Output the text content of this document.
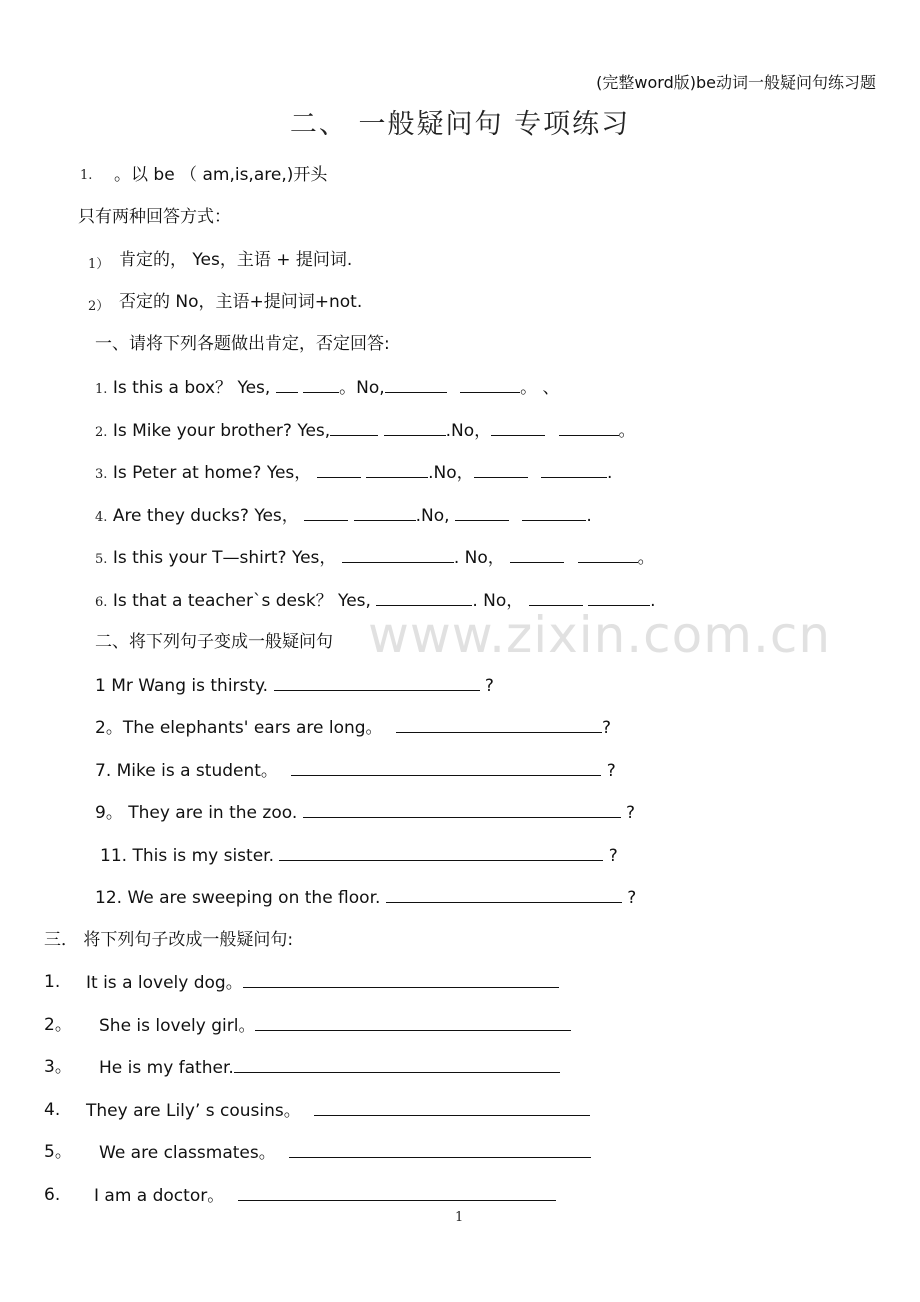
(完整word版)be动词一般疑问句练习题
二、 一般疑问句 专项练习
1. 。以 be （ am,is,are,)开头
只有两种回答方式：
1） 肯定的， Yes，主语 + 提问词.
2） 否定的 No，主语+提问词+not.
一、请将下列各题做出肯定，否定回答:
1. Is this a box？ Yes,	。No,	。 、
2. Is Mike your brother? Yes,	.No，	。
3. Is Peter at home? Yes，	.No，	.
4. Are they ducks? Yes，	.No,	.
5. Is this your T—shirt? Yes，	. No，	。
6. Is that a teacher`s desk？ Yes,	. No，	.
www.zixin.com.cn
二、将下列句子变成一般疑问句
1 Mr Wang is thirsty.	?
2。The elephants' ears are long。	?
7. Mike is a student。	?
9。 They are in the zoo.	?
11. This is my sister.	?
12. We are sweeping on the floor.	?
三． 将下列句子改成一般疑问句:
1. It is a lovely dog。
2。 She is lovely girl。
3。 He is my father.
4. They are Lily’ s cousins。
5。 We are classmates。
6. I am a doctor。
1
